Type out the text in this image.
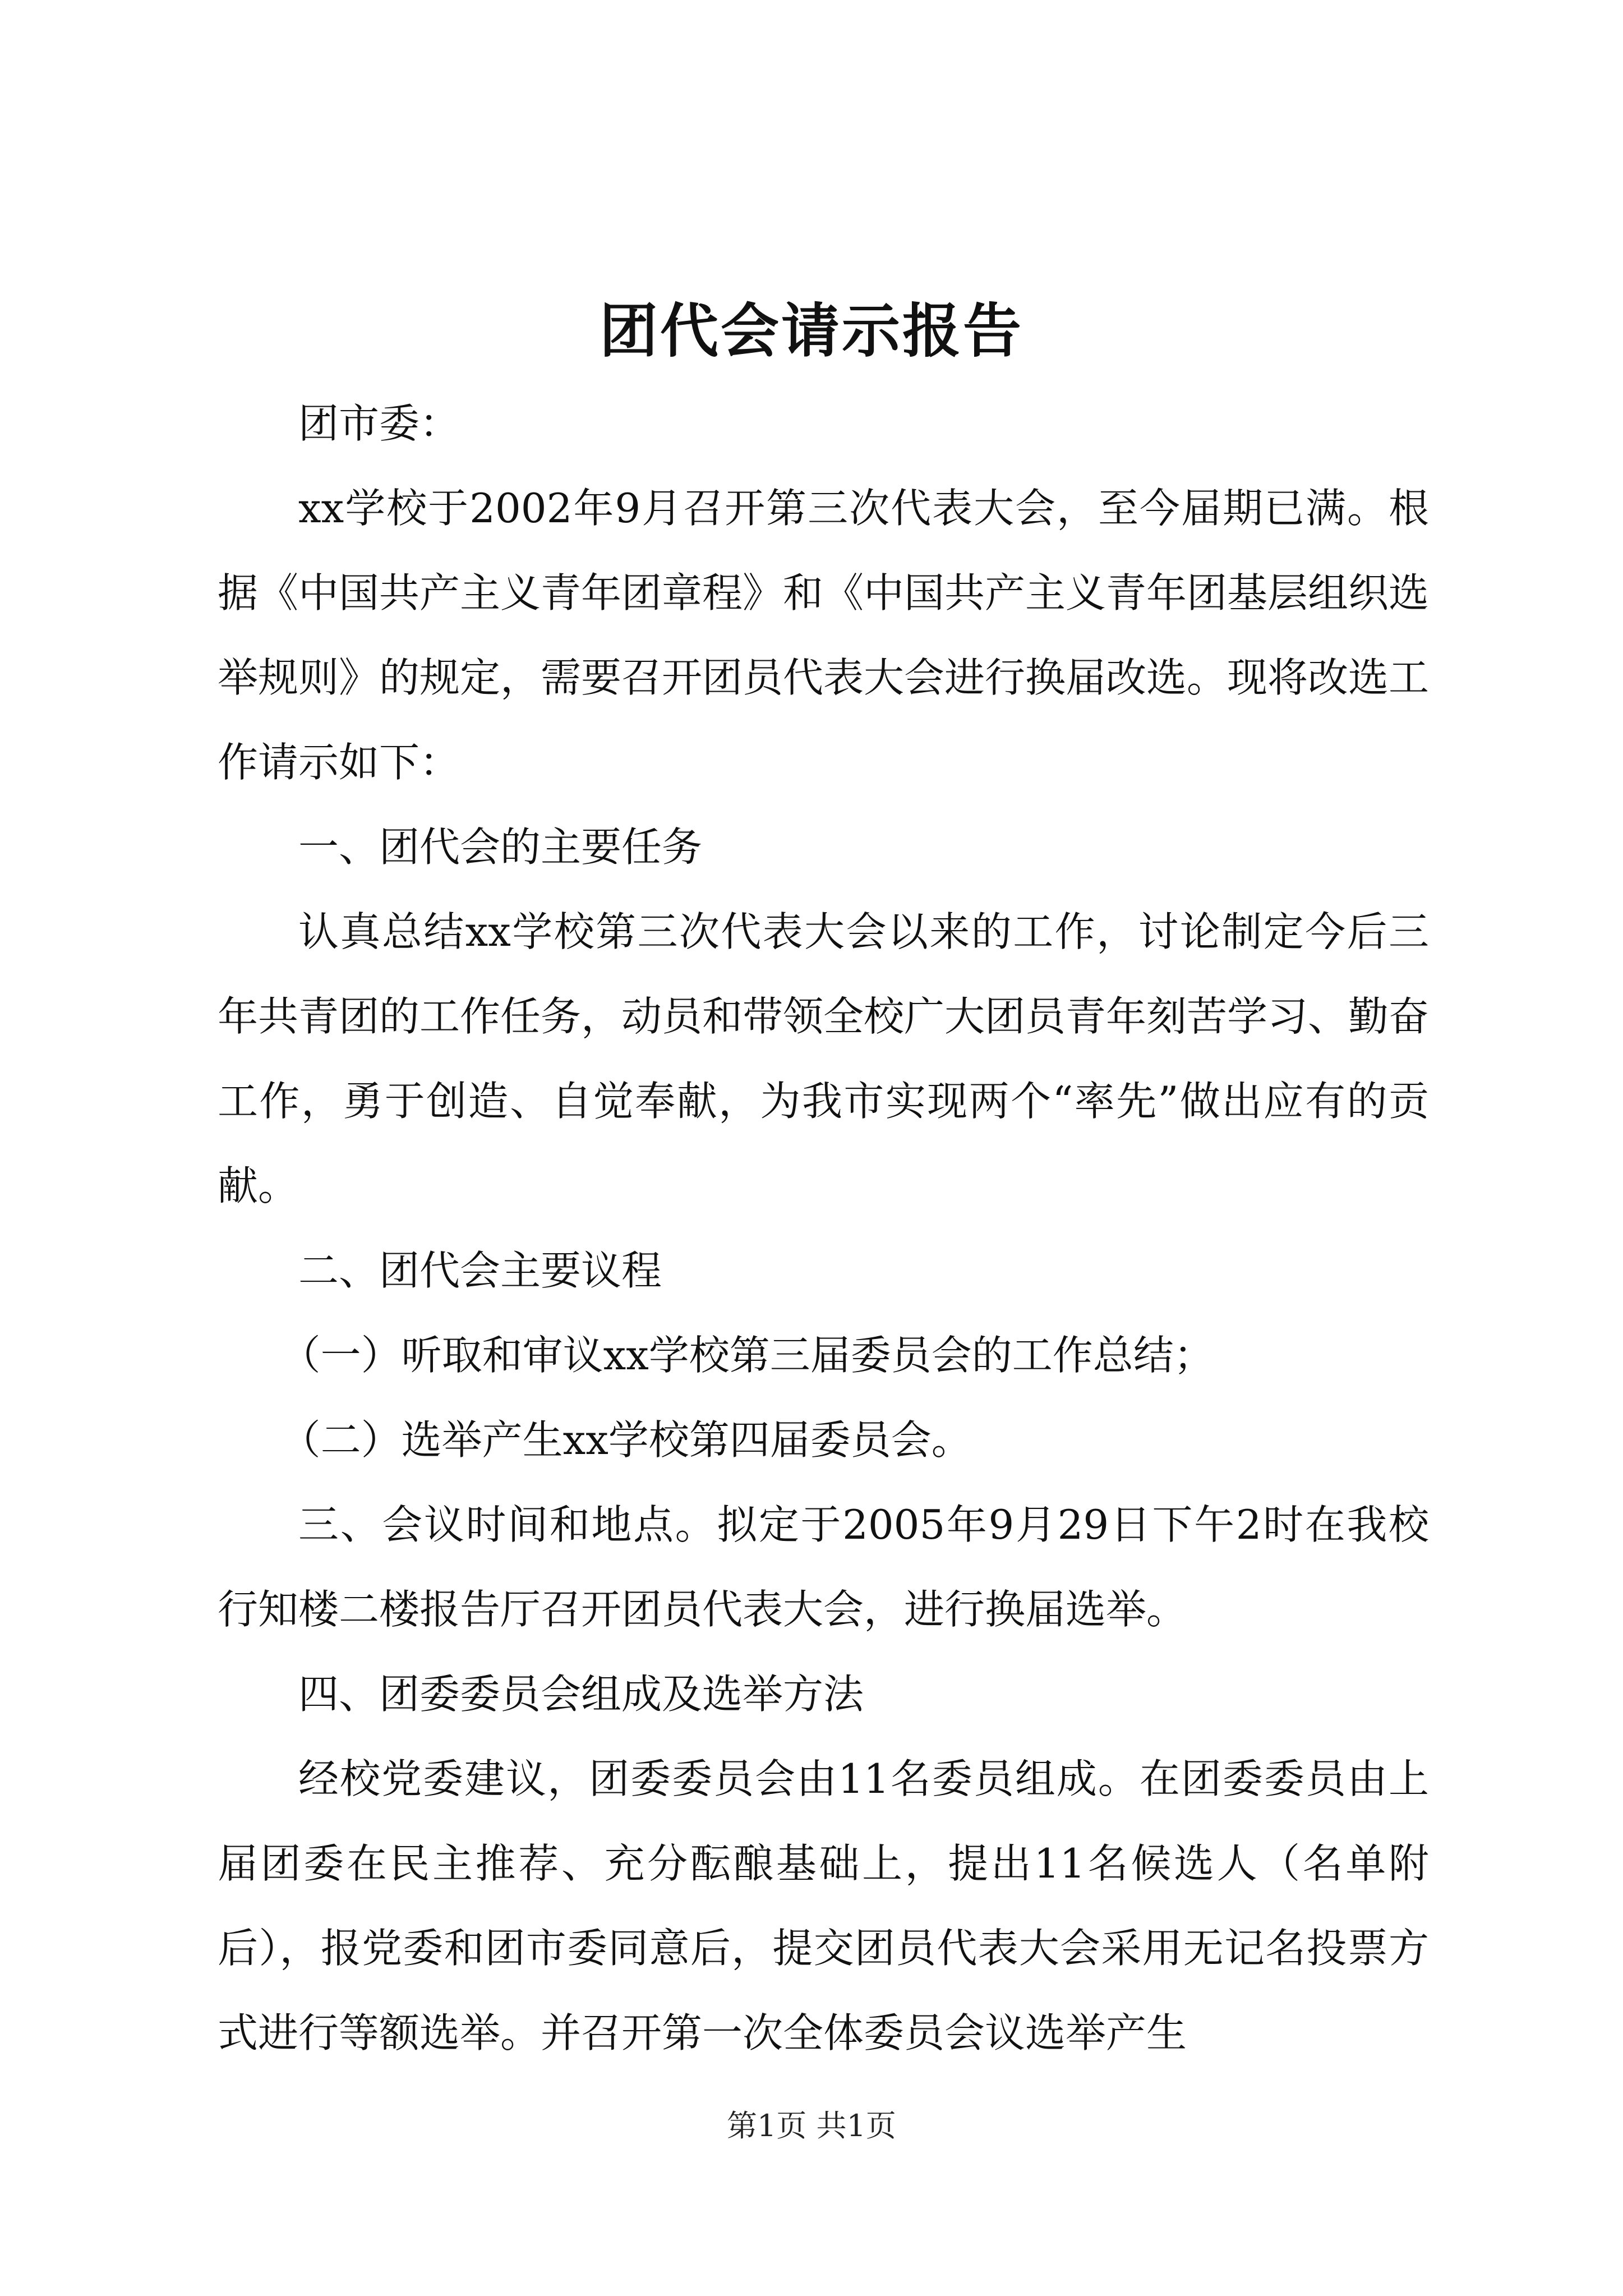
团代会请示报告

团市委：

xx学校于2002年9月召开第三次代表大会，至今届期已满。根据《中国共产主义青年团章程》和《中国共产主义青年团基层组织选举规则》的规定，需要召开团员代表大会进行换届改选。现将改选工作请示如下：

一、团代会的主要任务

认真总结xx学校第三次代表大会以来的工作，讨论制定今后三年共青团的工作任务，动员和带领全校广大团员青年刻苦学习、勤奋工作，勇于创造、自觉奉献，为我市实现两个“率先”做出应有的贡献。

二、团代会主要议程

（一）听取和审议xx学校第三届委员会的工作总结；

（二）选举产生xx学校第四届委员会。

三、会议时间和地点。拟定于2005年9月29日下午2时在我校行知楼二楼报告厅召开团员代表大会，进行换届选举。

四、团委委员会组成及选举方法

经校党委建议，团委委员会由11名委员组成。在团委委员由上届团委在民主推荐、充分酝酿基础上，提出11名候选人（名单附后），报党委和团市委同意后，提交团员代表大会采用无记名投票方式进行等额选举。并召开第一次全体委员会议选举产生

第1页 共1页
